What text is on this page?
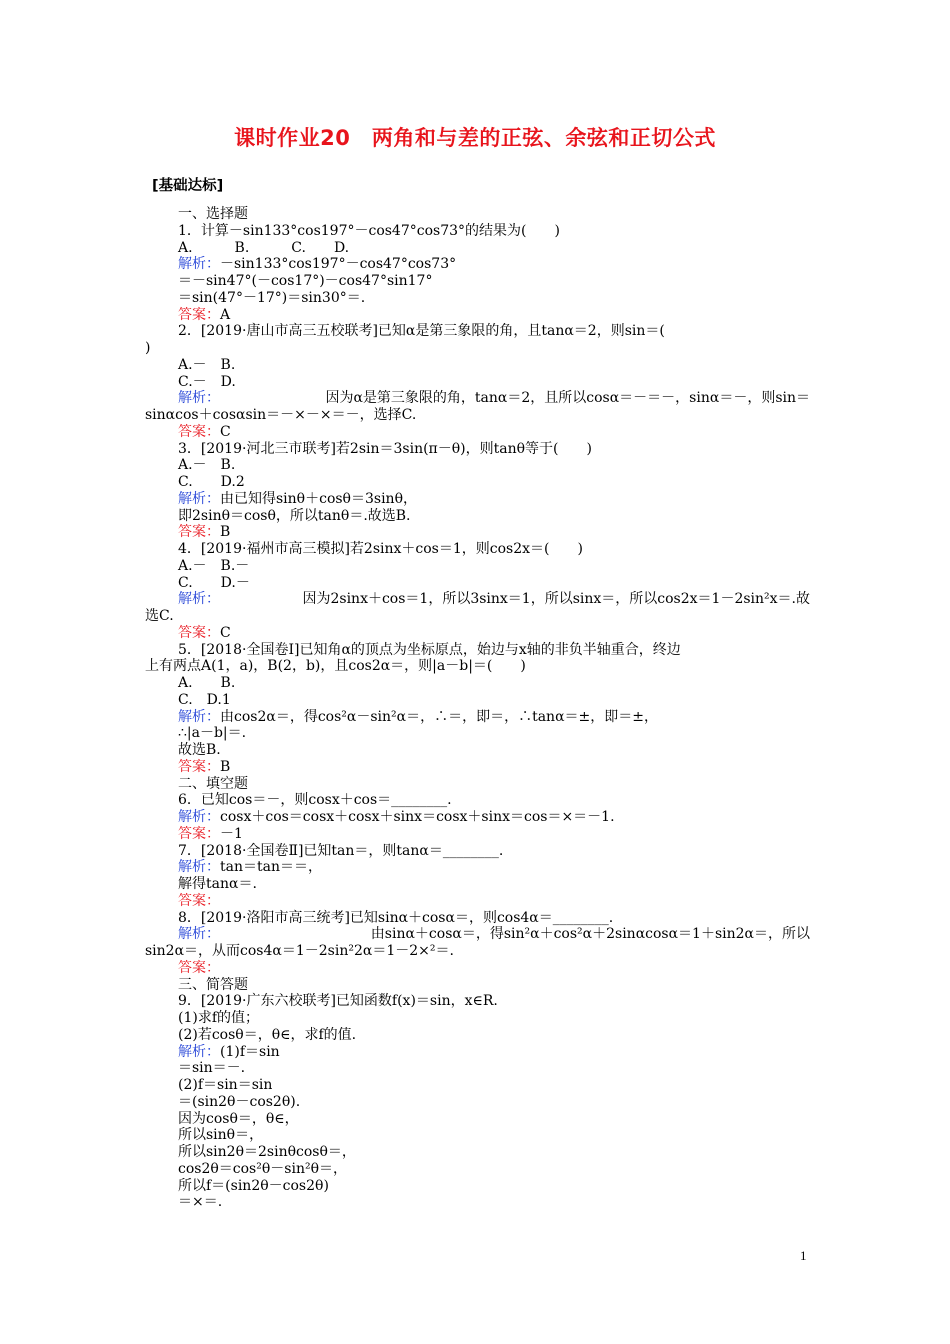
课时作业20　两角和与差的正弦、余弦和正切公式
[基础达标]
一、选择题
1．计算－sin133°cos197°－cos47°cos73°的结果为(　　)
A.　　　B.　　　C.　　D.
解析：－sin133°cos197°－cos47°cos73°
＝－sin47°(－cos17°)－cos47°sin17°
＝sin(47°－17°)＝sin30°＝.
答案：A
2．[2019·唐山市高三五校联考]已知α是第三象限的角，且tanα＝2，则sin＝(
)
A.－　B.
C.－　D.
解析：	因为α是第三象限的角，tanα＝2，且所以cosα＝－＝－，sinα＝－，则sin＝
sinαcos＋cosαsin＝－×－×＝－，选择C.
答案：C
3．[2019·河北三市联考]若2sin＝3sin(π－θ)，则tanθ等于(　　)
A.－　B.
C.　　D.2
解析：由已知得sinθ＋cosθ＝3sinθ，
即2sinθ＝cosθ，所以tanθ＝.故选B.
答案：B
4．[2019·福州市高三模拟]若2sinx＋cos＝1，则cos2x＝(　　)
A.－　B.－
C.　　D.－
解析：	因为2sinx＋cos＝1，所以3sinx＝1，所以sinx＝，所以cos2x＝1－2sin²x＝.故
选C.
答案：C
5．[2018·全国卷Ⅰ]已知角α的顶点为坐标原点，始边与x轴的非负半轴重合，终边
上有两点A(1，a)，B(2，b)，且cos2α＝，则|a－b|＝(　　)
A.　　B.
C.　D.1
解析：由cos2α＝，得cos²α－sin²α＝，∴＝，即＝，∴tanα＝±，即＝±，
∴|a－b|＝.
故选B.
答案：B
二、填空题
6．已知cos＝－，则cosx＋cos＝________.
解析：cosx＋cos＝cosx＋cosx＋sinx＝cosx＋sinx＝cos＝×＝－1.
答案：－1
7．[2018·全国卷Ⅱ]已知tan＝，则tanα＝________.
解析：tan＝tan＝＝，
解得tanα＝.
答案：
8．[2019·洛阳市高三统考]已知sinα＋cosα＝，则cos4α＝________.
解析：	由sinα＋cosα＝，得sin²α＋cos²α＋2sinαcosα＝1＋sin2α＝，所以
sin2α＝，从而cos4α＝1－2sin²2α＝1－2×²＝.
答案：
三、简答题
9．[2019·广东六校联考]已知函数f(x)＝sin，x∈R.
(1)求f的值；
(2)若cosθ＝，θ∈，求f的值.
解析：(1)f＝sin
＝sin＝－.
(2)f＝sin＝sin
＝(sin2θ－cos2θ).
因为cosθ＝，θ∈，
所以sinθ＝，
所以sin2θ＝2sinθcosθ＝，
cos2θ＝cos²θ－sin²θ＝，
所以f＝(sin2θ－cos2θ)
＝×＝.
1
